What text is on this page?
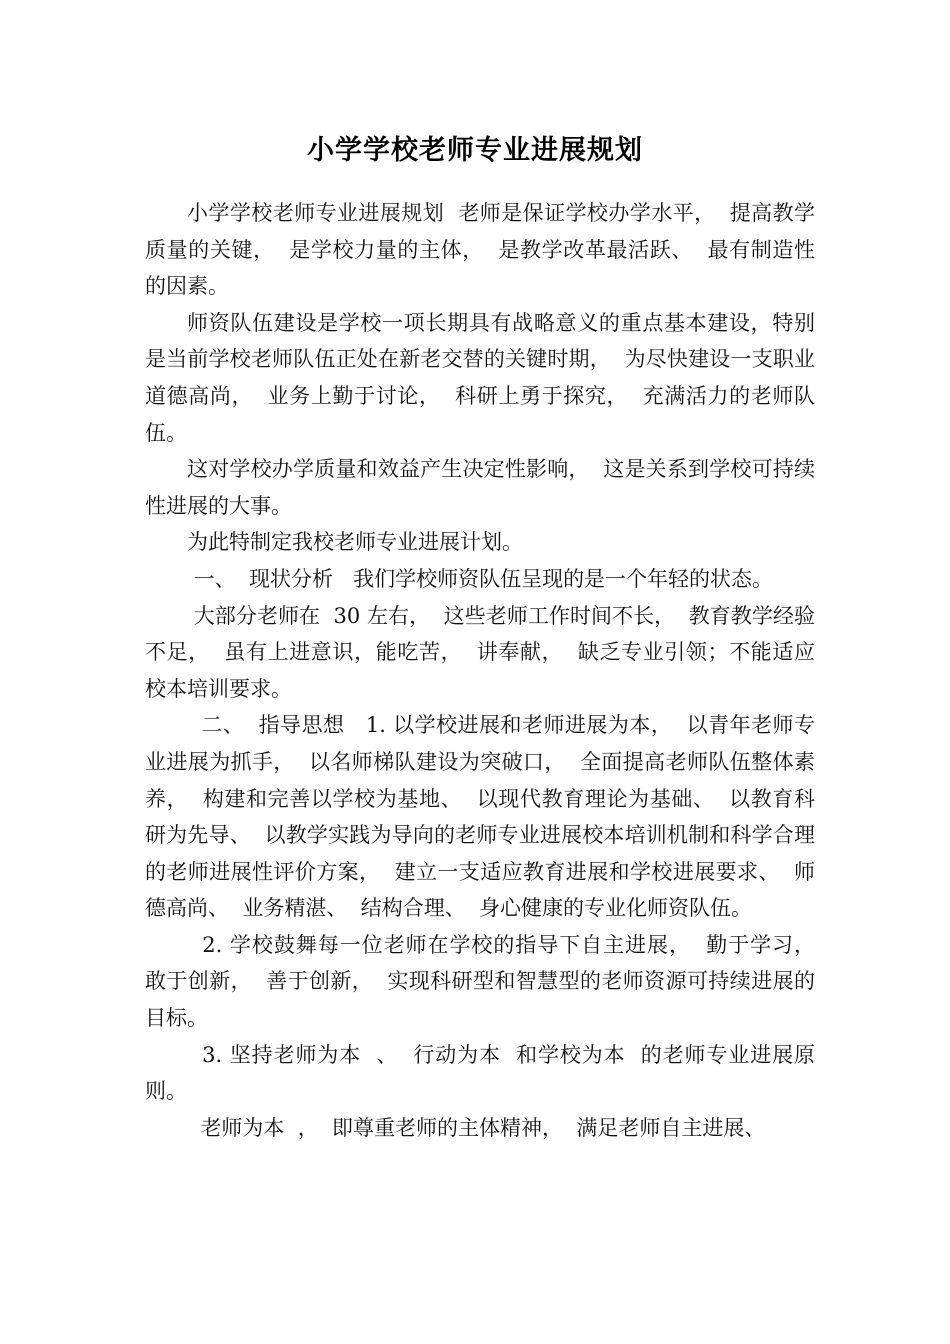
小学学校老师专业进展规划

小学学校老师专业进展规划  老师是保证学校办学水平，  提高教学质量的关键，  是学校力量的主体，  是教学改革最活跃、  最有制造性的因素。

师资队伍建设是学校一项长期具有战略意义的重点基本建设，特别是当前学校老师队伍正处在新老交替的关键时期，  为尽快建设一支职业道德高尚，  业务上勤于讨论，  科研上勇于探究，  充满活力的老师队伍。

这对学校办学质量和效益产生决定性影响，  这是关系到学校可持续性进展的大事。

为此特制定我校老师专业进展计划。

一、  现状分析   我们学校师资队伍呈现的是一个年轻的状态。

大部分老师在  30 左右，  这些老师工作时间不长，  教育教学经验不足，  虽有上进意识，能吃苦，  讲奉献，  缺乏专业引领；不能适应校本培训要求。

二、  指导思想   1. 以学校进展和老师进展为本，  以青年老师专业进展为抓手，  以名师梯队建设为突破口，  全面提高老师队伍整体素养，  构建和完善以学校为基地、  以现代教育理论为基础、  以教育科研为先导、  以教学实践为导向的老师专业进展校本培训机制和科学合理的老师进展性评价方案，  建立一支适应教育进展和学校进展要求、  师德高尚、  业务精湛、  结构合理、  身心健康的专业化师资队伍。

2. 学校鼓舞每一位老师在学校的指导下自主进展，  勤于学习，  敢于创新，  善于创新，  实现科研型和智慧型的老师资源可持续进展的目标。

3. 坚持老师为本  、  行动为本  和学校为本  的老师专业进展原则。

老师为本  ，  即尊重老师的主体精神，  满足老师自主进展、
